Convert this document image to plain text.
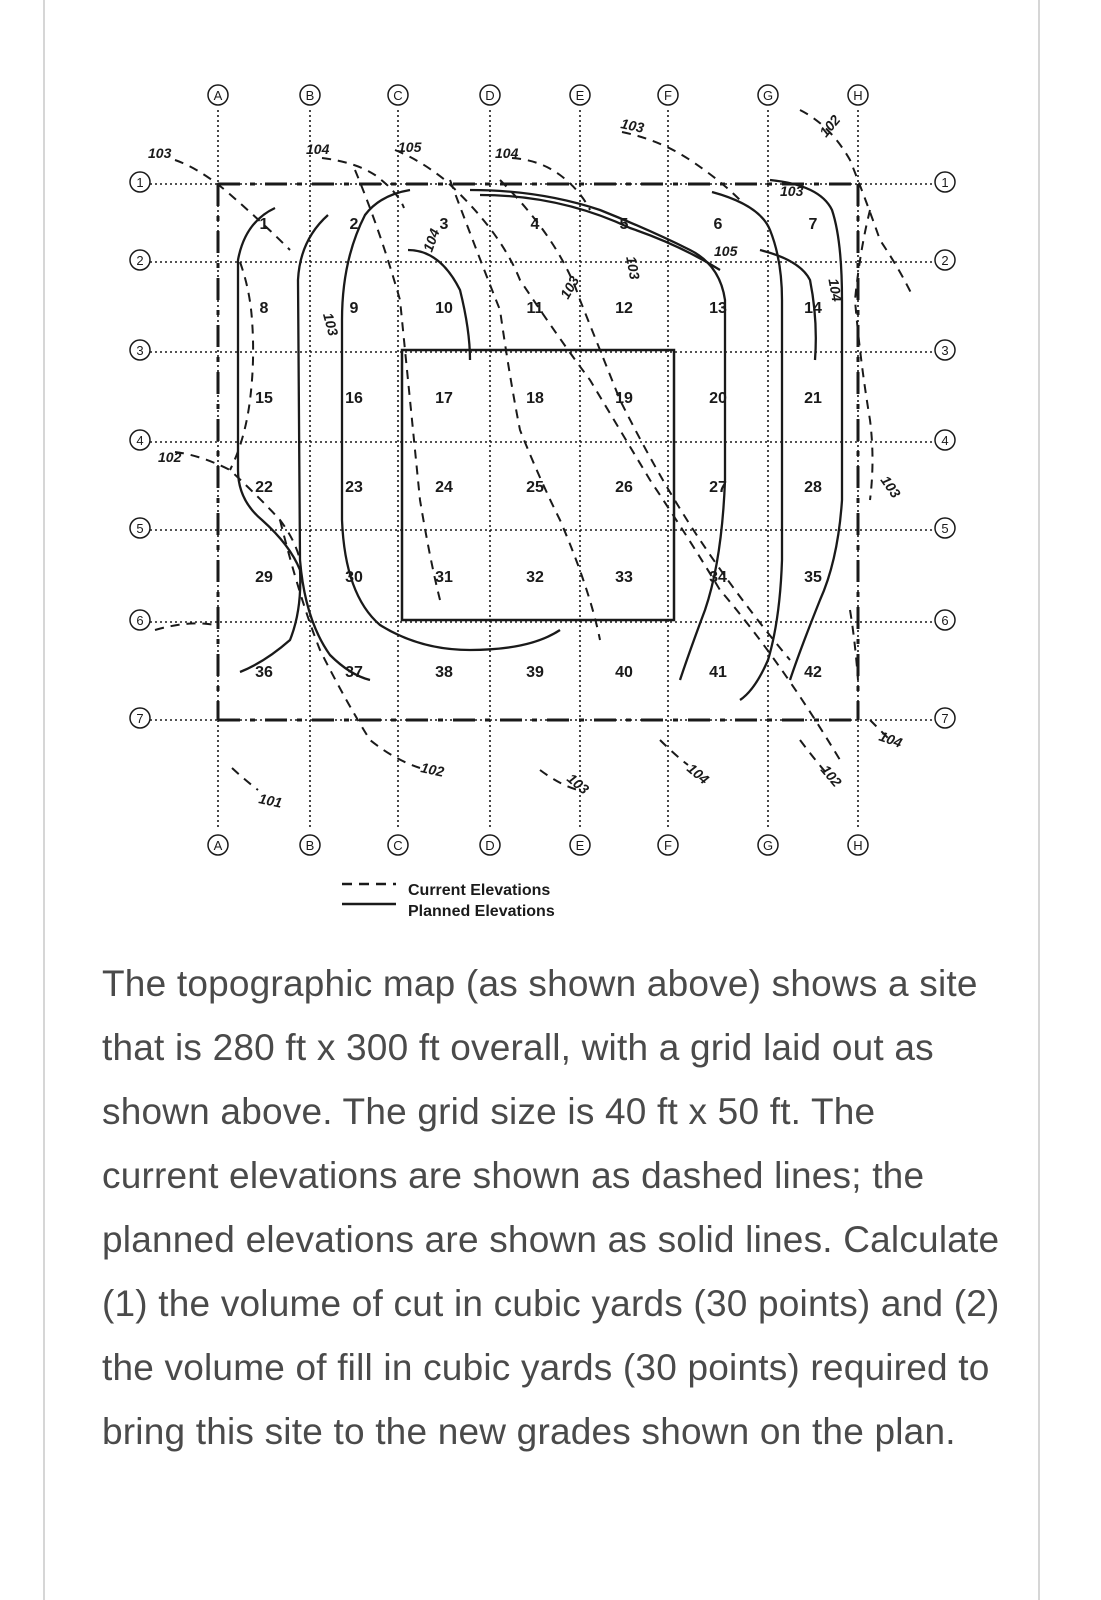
A
A
B
B
C
C
D
D
E
E
F
F
G
G
H
H
1	1
2	2
3	3
4	4
5	5
6	6
7	7
1	2	3	4	5	6	7
8	9	10	11	12	13	14
15	16	17	18	19	20	21
22	23	24	25	26	27	28
29	30	31	32	33	34	35
36	37	38	39	40	41	42
103	104	105	104
103	102
103
102
101
102
103	104
103
104
103
102
104
103
103
105
104
Current Elevations
Planned Elevations
The topographic map (as shown above) shows a site that is 280 ft x 300 ft overall, with a grid laid out as shown above. The grid size is 40 ft x 50 ft. The current elevations are shown as dashed lines; the planned elevations are shown as solid lines. Calculate (1) the volume of cut in cubic yards (30 points) and (2) the volume of fill in cubic yards (30 points) required to bring this site to the new grades shown on the plan.
